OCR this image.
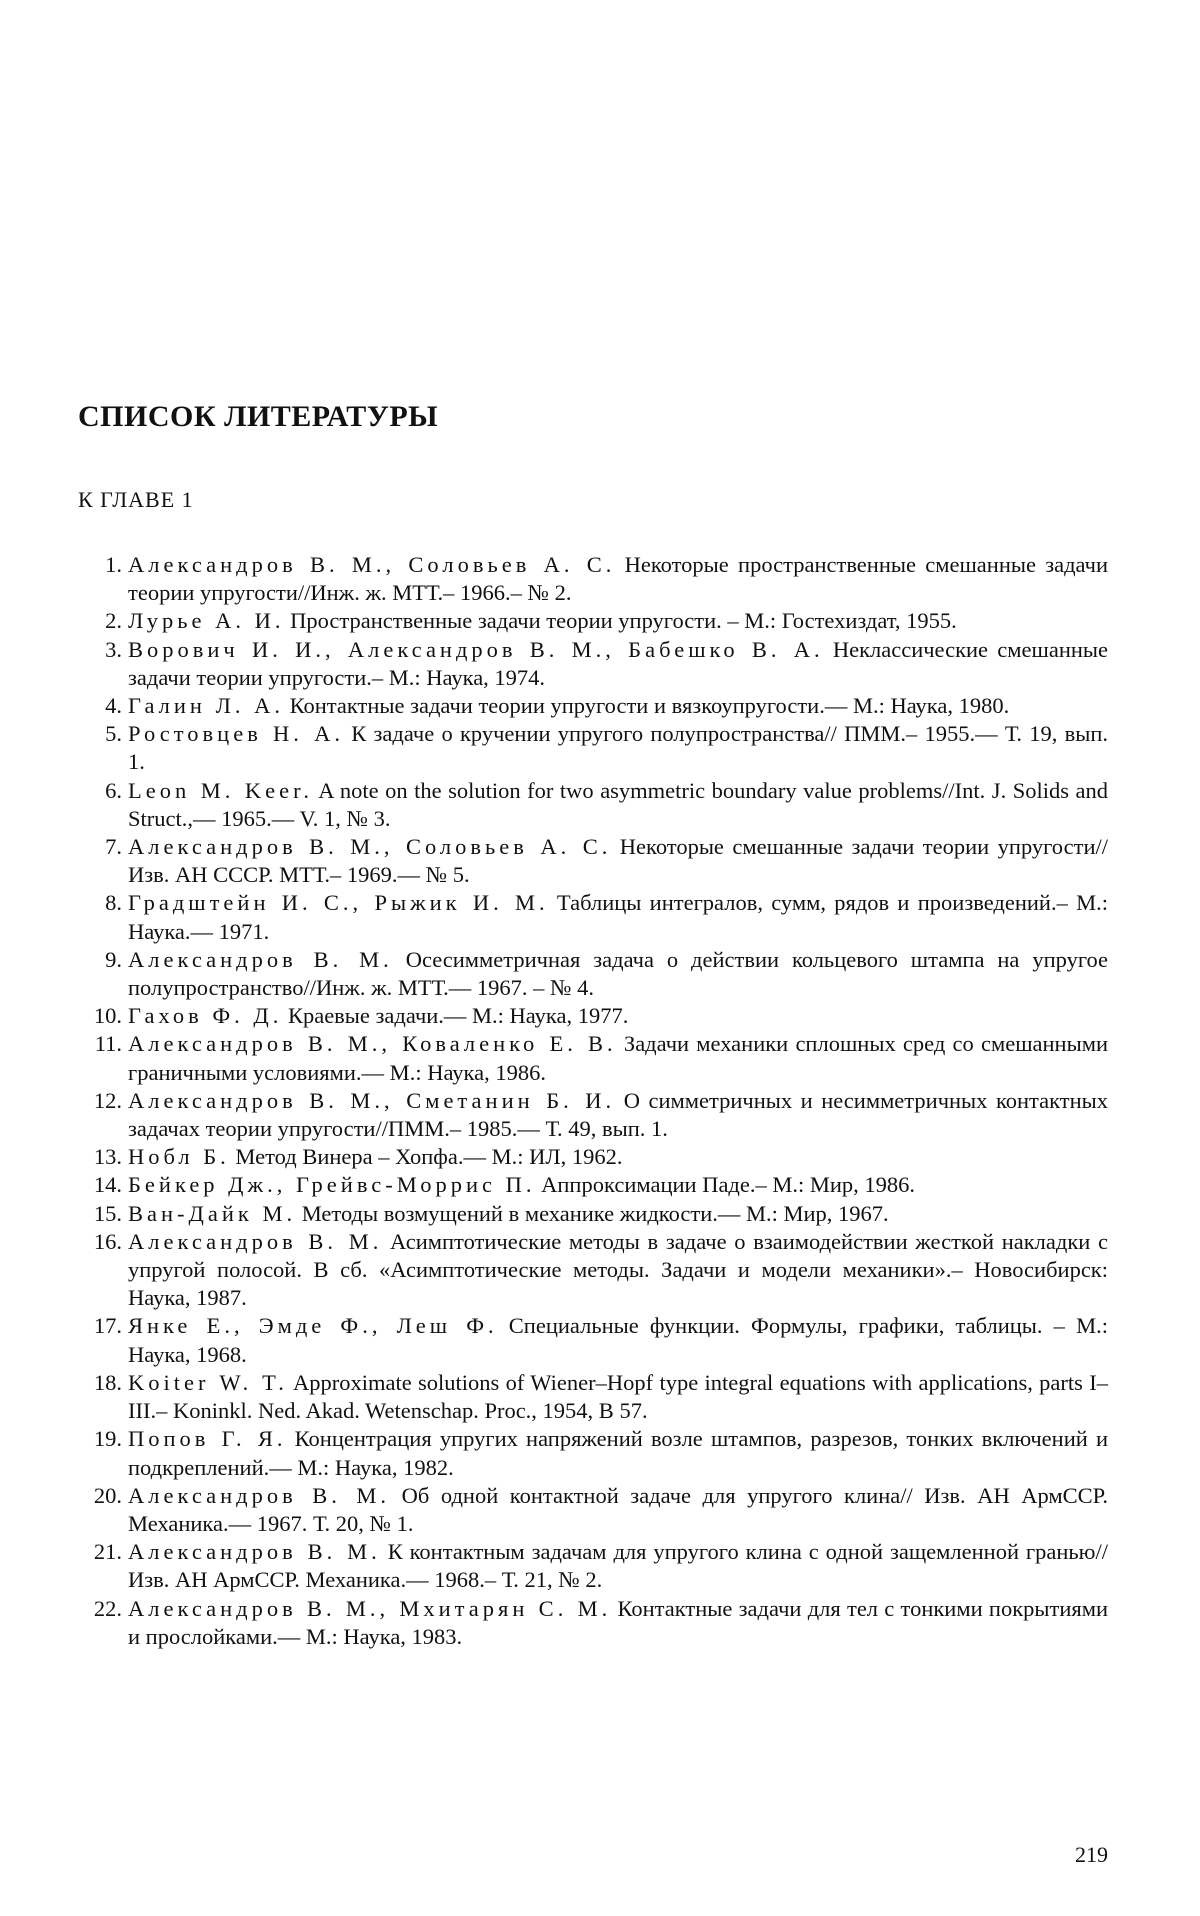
СПИСОК ЛИТЕРАТУРЫ
К ГЛАВЕ 1
1. Александров В. М., Соловьев А. С. Некоторые пространственные смешанные задачи теории упругости//Инж. ж. МТТ.– 1966.– № 2.
2. Лурье А. И. Пространственные задачи теории упругости. – М.: Гостехиздат, 1955.
3. Ворович И. И., Александров В. М., Бабешко В. А. Неклассические смешанные задачи теории упругости.– М.: Наука, 1974.
4. Галин Л. А. Контактные задачи теории упругости и вязкоупругости.— М.: Наука, 1980.
5. Ростовцев Н. А. К задаче о кручении упругого полупространства// ПММ.– 1955.— Т. 19, вып. 1.
6. Leon M. Keer. A note on the solution for two asymmetric boundary value problems//Int. J. Solids and Struct.,— 1965.— V. 1, № 3.
7. Александров В. М., Соловьев А. С. Некоторые смешанные задачи теории упругости//Изв. АН СССР. МТТ.– 1969.— № 5.
8. Градштейн И. С., Рыжик И. М. Таблицы интегралов, сумм, рядов и произведений.– М.: Наука.— 1971.
9. Александров В. М. Осесимметричная задача о действии кольцевого штампа на упругое полупространство//Инж. ж. МТТ.— 1967. – № 4.
10. Гахов Ф. Д. Краевые задачи.— М.: Наука, 1977.
11. Александров В. М., Коваленко Е. В. Задачи механики сплошных сред со смешанными граничными условиями.— М.: Наука, 1986.
12. Александров В. М., Сметанин Б. И. О симметричных и несимметричных контактных задачах теории упругости//ПММ.– 1985.— Т. 49, вып. 1.
13. Нобл Б. Метод Винера – Хопфа.— М.: ИЛ, 1962.
14. Бейкер Дж., Грейвс-Моррис П. Аппроксимации Паде.– М.: Мир, 1986.
15. Ван-Дайк М. Методы возмущений в механике жидкости.— М.: Мир, 1967.
16. Александров В. М. Асимптотические методы в задаче о взаимодействии жесткой накладки с упругой полосой. В сб. «Асимптотические методы. Задачи и модели механики».– Новосибирск: Наука, 1987.
17. Янке Е., Эмде Ф., Леш Ф. Специальные функции. Формулы, графики, таблицы. – М.: Наука, 1968.
18. Koiter W. T. Approximate solutions of Wiener–Hopf type integral equations with applications, parts I– III.– Koninkl. Ned. Akad. Wetenschap. Proc., 1954, B 57.
19. Попов Г. Я. Концентрация упругих напряжений возле штампов, разрезов, тонких включений и подкреплений.— М.: Наука, 1982.
20. Александров В. М. Об одной контактной задаче для упругого клина// Изв. АН АрмССР. Механика.— 1967. Т. 20, № 1.
21. Александров В. М. К контактным задачам для упругого клина с одной защемленной гранью//Изв. АН АрмССР. Механика.— 1968.– Т. 21, № 2.
22. Александров В. М., Мхитарян С. М. Контактные задачи для тел с тонкими покрытиями и прослойками.— М.: Наука, 1983.
219
